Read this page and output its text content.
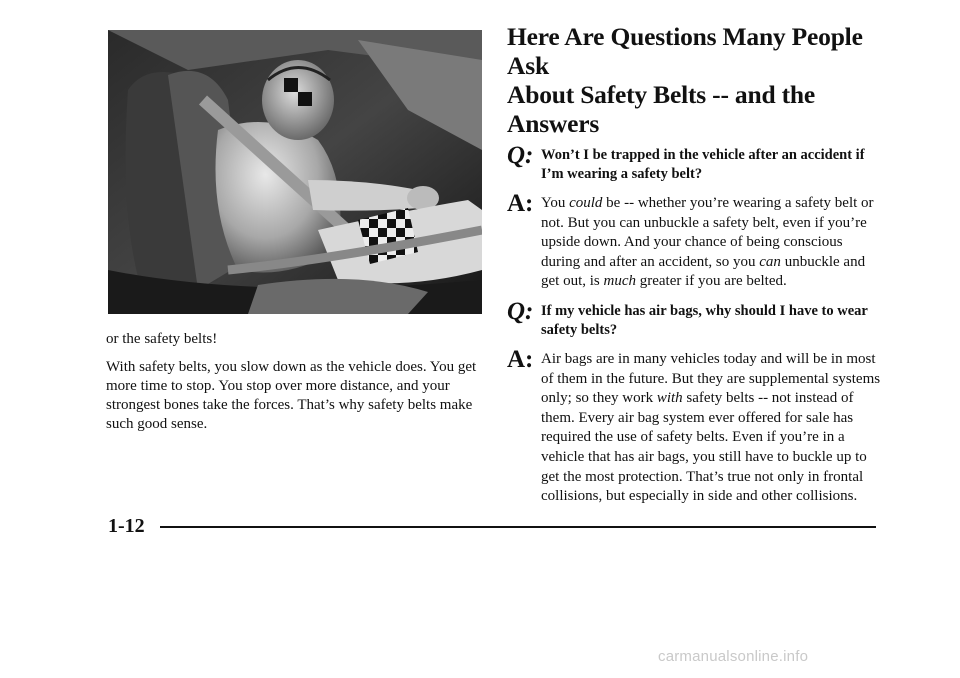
or the safety belts!

With safety belts, you slow down as the vehicle does. You get more time to stop. You stop over more distance, and your strongest bones take the forces. That’s why safety belts make such good sense.

Here Are Questions Many People Ask
About Safety Belts -- and the Answers
Q: Won’t I be trapped in the vehicle after an accident if I’m wearing a safety belt?
A: You could be -- whether you’re wearing a safety belt or not. But you can unbuckle a safety belt, even if you’re upside down. And your chance of being conscious during and after an accident, so you can unbuckle and get out, is much greater if you are belted.
Q: If my vehicle has air bags, why should I have to wear safety belts?
A: Air bags are in many vehicles today and will be in most of them in the future. But they are supplemental systems only; so they work with safety belts -- not instead of them. Every air bag system ever offered for sale has required the use of safety belts. Even if you’re in a vehicle that has air bags, you still have to buckle up to get the most protection. That’s true not only in frontal collisions, but especially in side and other collisions.
1-12
carmanualsonline.info
